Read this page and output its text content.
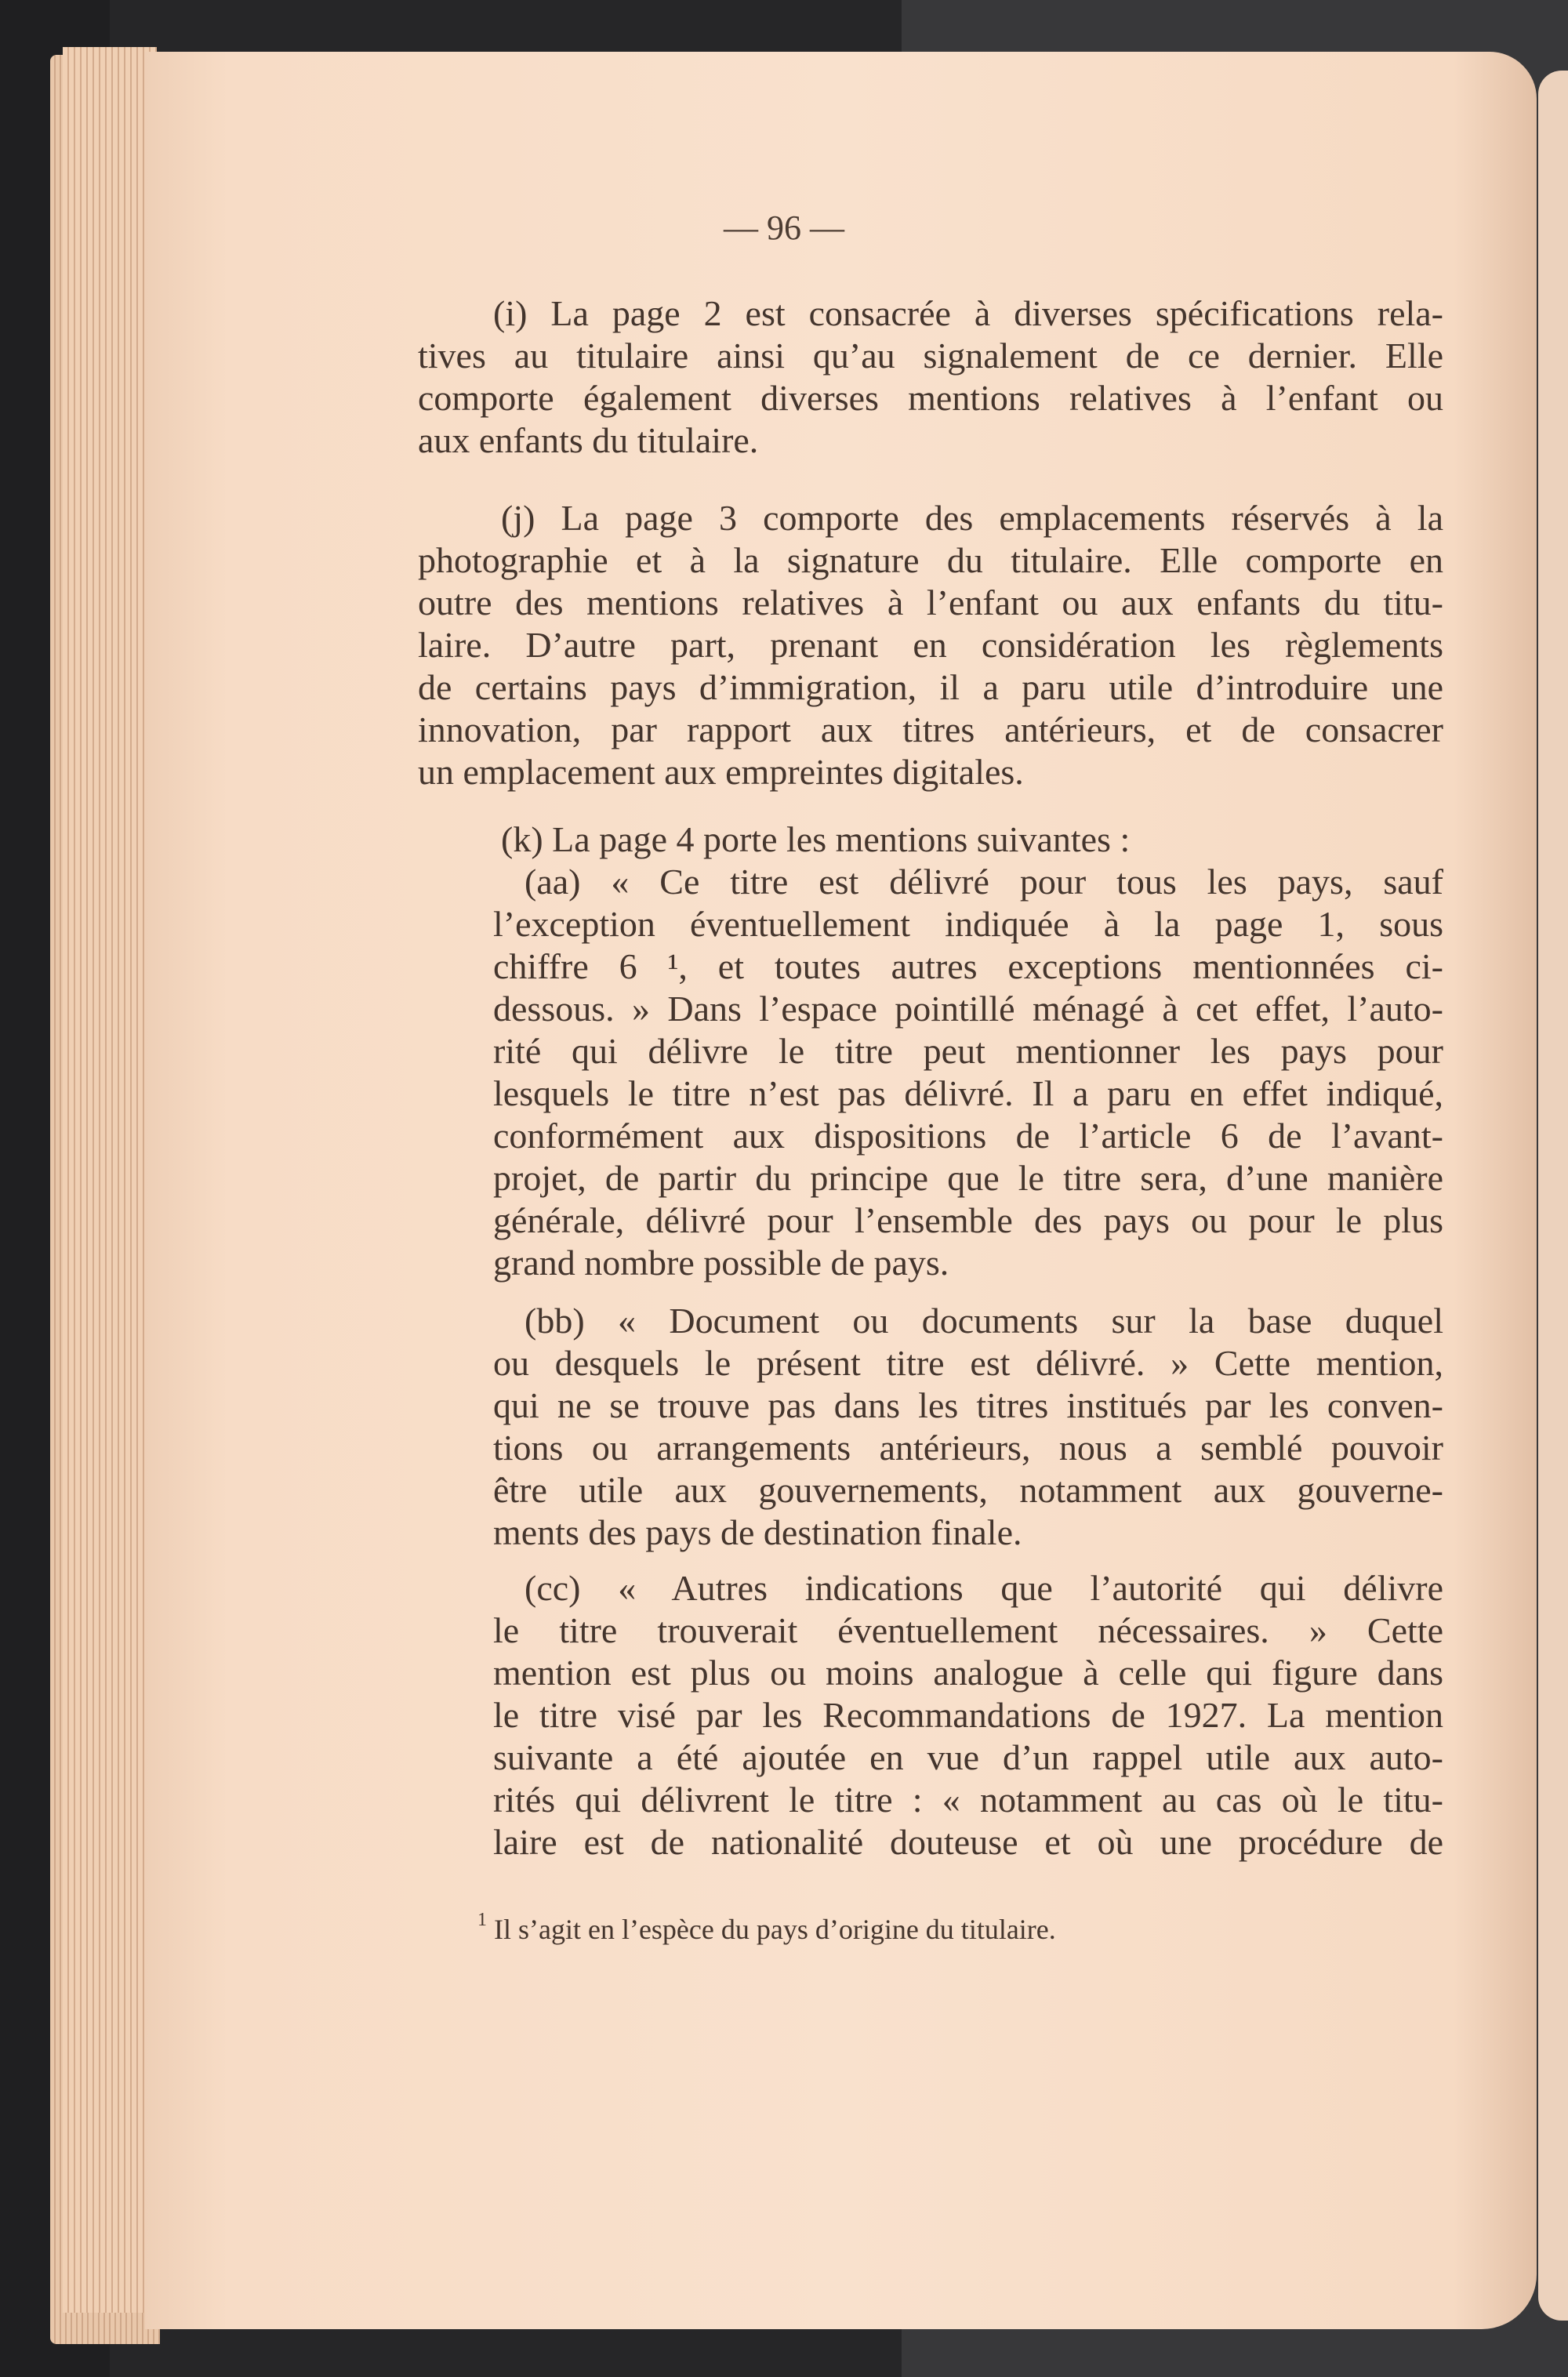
— 96 —
(i) La page 2 est consacrée à diverses spécifications rela-
tives au titulaire ainsi qu’au signalement de ce dernier. Elle
comporte également diverses mentions relatives à l’enfant ou
aux enfants du titulaire.
(j) La page 3 comporte des emplacements réservés à la
photographie et à la signature du titulaire. Elle comporte en
outre des mentions relatives à l’enfant ou aux enfants du titu-
laire. D’autre part, prenant en considération les règlements
de certains pays d’immigration, il a paru utile d’introduire une
innovation, par rapport aux titres antérieurs, et de consacrer
un emplacement aux empreintes digitales.
(k) La page 4 porte les mentions suivantes :
(aa) « Ce titre est délivré pour tous les pays, sauf
l’exception éventuellement indiquée à la page 1, sous
chiffre 6 ¹, et toutes autres exceptions mentionnées ci-
dessous. » Dans l’espace pointillé ménagé à cet effet, l’auto-
rité qui délivre le titre peut mentionner les pays pour
lesquels le titre n’est pas délivré. Il a paru en effet indiqué,
conformément aux dispositions de l’article 6 de l’avant-
projet, de partir du principe que le titre sera, d’une manière
générale, délivré pour l’ensemble des pays ou pour le plus
grand nombre possible de pays.
(bb) « Document ou documents sur la base duquel
ou desquels le présent titre est délivré. » Cette mention,
qui ne se trouve pas dans les titres institués par les conven-
tions ou arrangements antérieurs, nous a semblé pouvoir
être utile aux gouvernements, notamment aux gouverne-
ments des pays de destination finale.
(cc) « Autres indications que l’autorité qui délivre
le titre trouverait éventuellement nécessaires. » Cette
mention est plus ou moins analogue à celle qui figure dans
le titre visé par les Recommandations de 1927. La mention
suivante a été ajoutée en vue d’un rappel utile aux auto-
rités qui délivrent le titre : « notamment au cas où le titu-
laire est de nationalité douteuse et où une procédure de
$^1$ Il s’agit en l’espèce du pays d’origine du titulaire.
